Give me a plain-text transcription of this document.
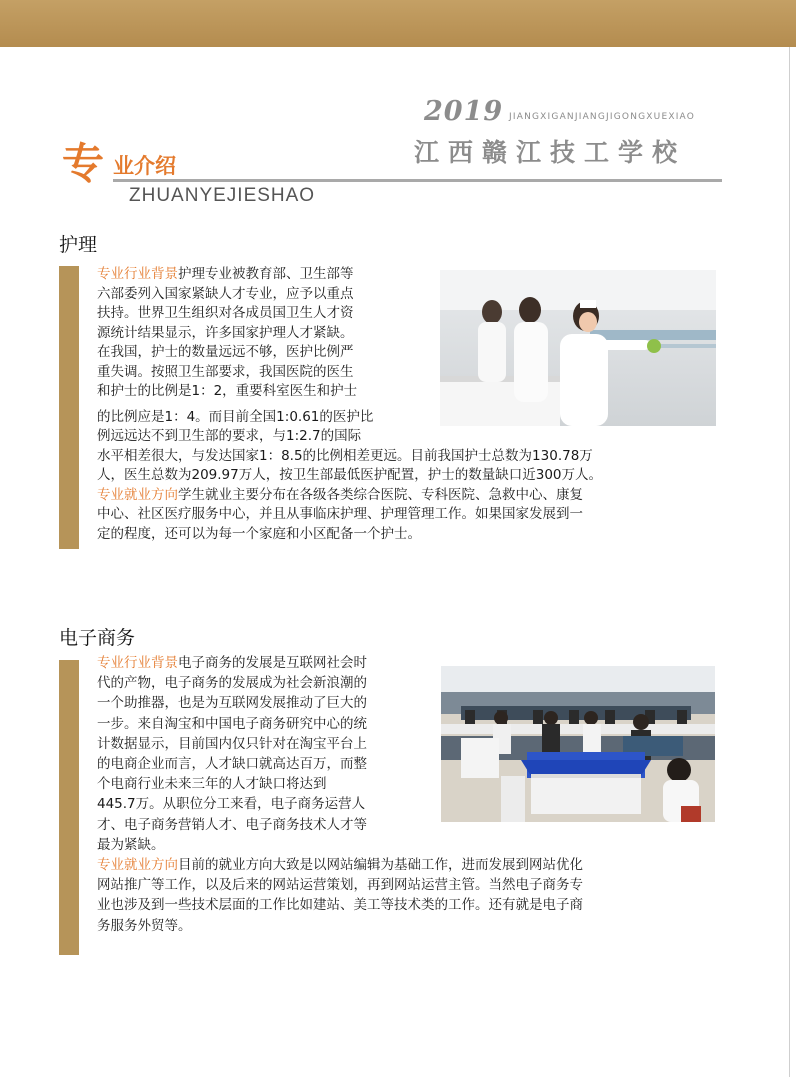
2019 JIANGXIGANJIANGJIGONGXUEXIAO
江西赣江技工学校
专 业介绍
ZHUANYEJIESHAO
护理
专业行业背景护理专业被教育部、卫生部等
六部委列入国家紧缺人才专业，应予以重点
扶持。世界卫生组织对各成员国卫生人才资
源统计结果显示，许多国家护理人才紧缺。
在我国，护士的数量远远不够，医护比例严
重失调。按照卫生部要求，我国医院的医生
和护士的比例是1：2，重要科室医生和护士
的比例应是1：4。而目前全国1:0.61的医护比
例远远达不到卫生部的要求，与1:2.7的国际
水平相差很大，与发达国家1：8.5的比例相差更远。目前我国护士总数为130.78万
人，医生总数为209.97万人，按卫生部最低医护配置，护士的数量缺口近300万人。
专业就业方向学生就业主要分布在各级各类综合医院、专科医院、急救中心、康复
中心、社区医疗服务中心，并且从事临床护理、护理管理工作。如果国家发展到一
定的程度，还可以为每一个家庭和小区配备一个护士。
电子商务
专业行业背景电子商务的发展是互联网社会时
代的产物，电子商务的发展成为社会新浪潮的
一个助推器，也是为互联网发展推动了巨大的
一步。来自淘宝和中国电子商务研究中心的统
计数据显示，目前国内仅只针对在淘宝平台上
的电商企业而言，人才缺口就高达百万，而整
个电商行业未来三年的人才缺口将达到
445.7万。从职位分工来看，电子商务运营人
才、电子商务营销人才、电子商务技术人才等
最为紧缺。
专业就业方向目前的就业方向大致是以网站编辑为基础工作，进而发展到网站优化
网站推广等工作，以及后来的网站运营策划，再到网站运营主管。当然电子商务专
业也涉及到一些技术层面的工作比如建站、美工等技术类的工作。还有就是电子商
务服务外贸等。
